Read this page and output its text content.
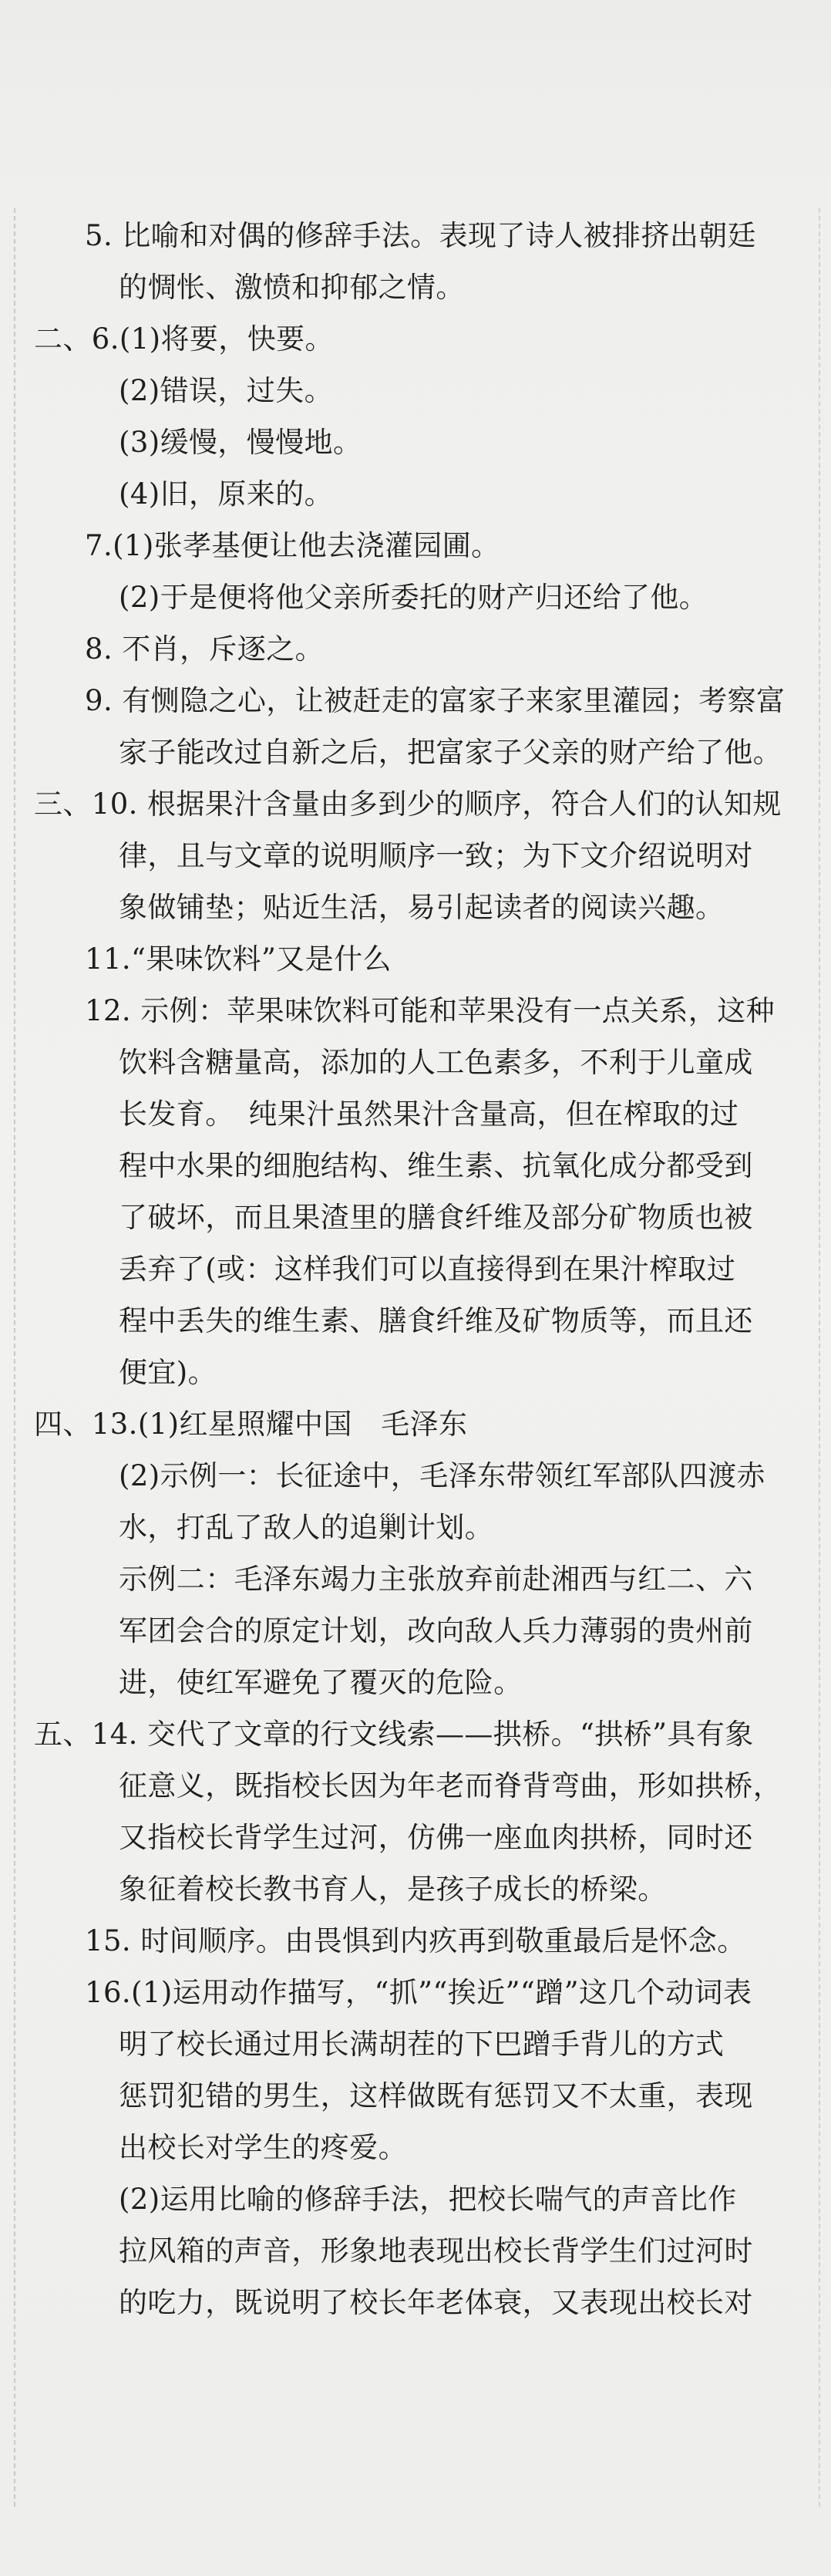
5. 比喻和对偶的修辞手法。表现了诗人被排挤出朝廷
的惆怅、激愤和抑郁之情。
二、6.(1)将要，快要。
(2)错误，过失。
(3)缓慢，慢慢地。
(4)旧，原来的。
7.(1)张孝基便让他去浇灌园圃。
(2)于是便将他父亲所委托的财产归还给了他。
8. 不肖，斥逐之。
9. 有恻隐之心，让被赶走的富家子来家里灌园；考察富
家子能改过自新之后，把富家子父亲的财产给了他。
三、10. 根据果汁含量由多到少的顺序，符合人们的认知规
律，且与文章的说明顺序一致；为下文介绍说明对
象做铺垫；贴近生活，易引起读者的阅读兴趣。
11.“果味饮料”又是什么
12. 示例：苹果味饮料可能和苹果没有一点关系，这种
饮料含糖量高，添加的人工色素多，不利于儿童成
长发育。　纯果汁虽然果汁含量高，但在榨取的过
程中水果的细胞结构、维生素、抗氧化成分都受到
了破坏，而且果渣里的膳食纤维及部分矿物质也被
丢弃了(或：这样我们可以直接得到在果汁榨取过
程中丢失的维生素、膳食纤维及矿物质等，而且还
便宜)。
四、13.(1)红星照耀中国　毛泽东
(2)示例一：长征途中，毛泽东带领红军部队四渡赤
水，打乱了敌人的追剿计划。
示例二：毛泽东竭力主张放弃前赴湘西与红二、六
军团会合的原定计划，改向敌人兵力薄弱的贵州前
进，使红军避免了覆灭的危险。
五、14. 交代了文章的行文线索——拱桥。“拱桥”具有象
征意义，既指校长因为年老而脊背弯曲，形如拱桥，
又指校长背学生过河，仿佛一座血肉拱桥，同时还
象征着校长教书育人，是孩子成长的桥梁。
15. 时间顺序。由畏惧到内疚再到敬重最后是怀念。
16.(1)运用动作描写，“抓”“挨近”“蹭”这几个动词表
明了校长通过用长满胡茬的下巴蹭手背儿的方式
惩罚犯错的男生，这样做既有惩罚又不太重，表现
出校长对学生的疼爱。
(2)运用比喻的修辞手法，把校长喘气的声音比作
拉风箱的声音，形象地表现出校长背学生们过河时
的吃力，既说明了校长年老体衰，又表现出校长对
